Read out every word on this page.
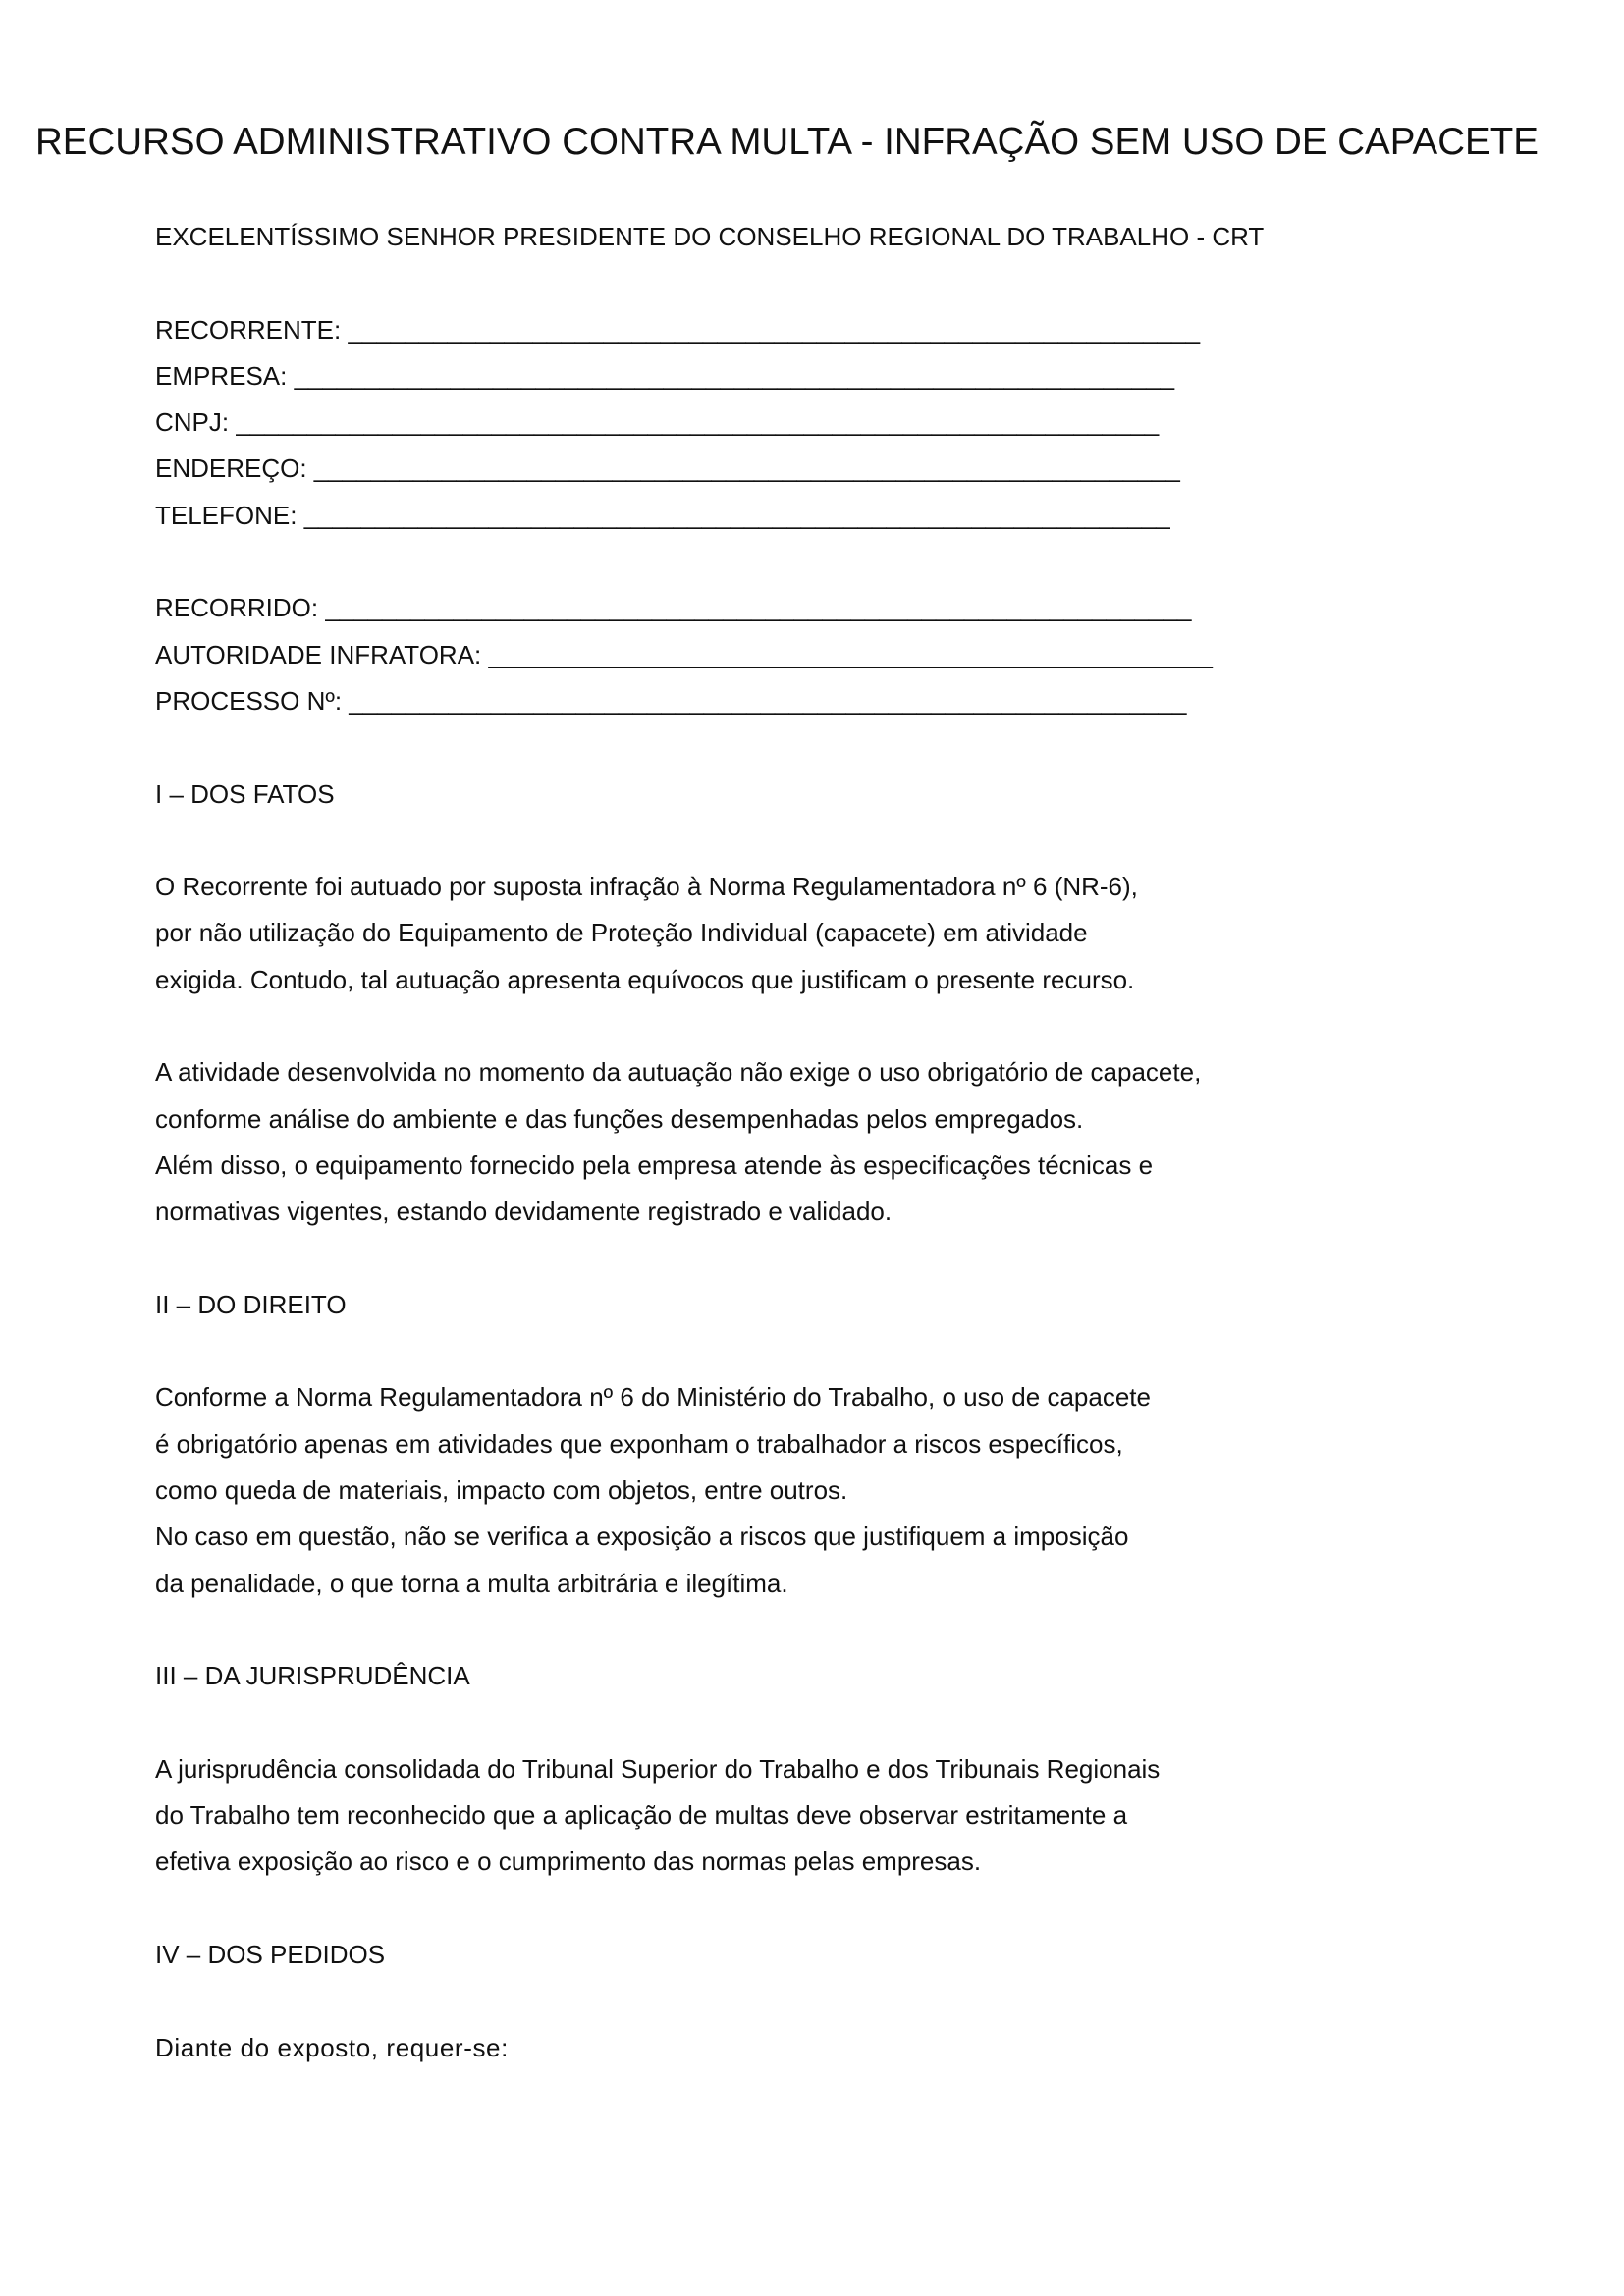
RECURSO ADMINISTRATIVO CONTRA MULTA - INFRAÇÃO SEM USO DE CAPACETE
EXCELENTÍSSIMO SENHOR PRESIDENTE DO CONSELHO REGIONAL DO TRABALHO - CRT
RECORRENTE: ____________________________________________________________
EMPRESA: ______________________________________________________________
CNPJ: _________________________________________________________________
ENDEREÇO: _____________________________________________________________
TELEFONE: _____________________________________________________________
RECORRIDO: _____________________________________________________________
AUTORIDADE INFRATORA: ___________________________________________________
PROCESSO Nº: ___________________________________________________________
I – DOS FATOS
O Recorrente foi autuado por suposta infração à Norma Regulamentadora nº 6 (NR-6),
por não utilização do Equipamento de Proteção Individual (capacete) em atividade
exigida. Contudo, tal autuação apresenta equívocos que justificam o presente recurso.
A atividade desenvolvida no momento da autuação não exige o uso obrigatório de capacete,
conforme análise do ambiente e das funções desempenhadas pelos empregados.
Além disso, o equipamento fornecido pela empresa atende às especificações técnicas e
normativas vigentes, estando devidamente registrado e validado.
II – DO DIREITO
Conforme a Norma Regulamentadora nº 6 do Ministério do Trabalho, o uso de capacete
é obrigatório apenas em atividades que exponham o trabalhador a riscos específicos,
como queda de materiais, impacto com objetos, entre outros.
No caso em questão, não se verifica a exposição a riscos que justifiquem a imposição
da penalidade, o que torna a multa arbitrária e ilegítima.
III – DA JURISPRUDÊNCIA
A jurisprudência consolidada do Tribunal Superior do Trabalho e dos Tribunais Regionais
do Trabalho tem reconhecido que a aplicação de multas deve observar estritamente a
efetiva exposição ao risco e o cumprimento das normas pelas empresas.
IV – DOS PEDIDOS
Diante do exposto, requer-se:
